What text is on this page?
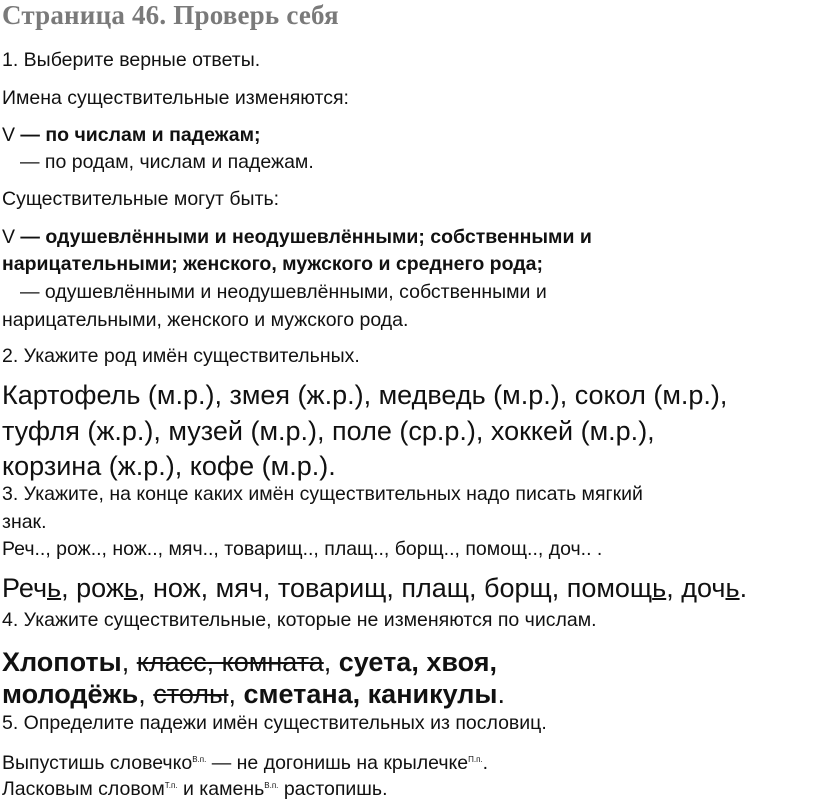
Страница 46. Проверь себя
1. Выберите верные ответы.
Имена существительные изменяются:
V — по числам и падежам;
— по родам, числам и падежам.
Существительные могут быть:
V — одушевлёнными и неодушевлёнными; собственными и
нарицательными; женского, мужского и среднего рода;
— одушевлёнными и неодушевлёнными, собственными и
нарицательными, женского и мужского рода.
2. Укажите род имён существительных.
Картофель (м.р.), змея (ж.р.), медведь (м.р.), сокол (м.р.),
туфля (ж.р.), музей (м.р.), поле (ср.р.), хоккей (м.р.),
корзина (ж.р.), кофе (м.р.).
3. Укажите, на конце каких имён существительных надо писать мягкий
знак.
Реч.., рож.., нож.., мяч.., товарищ.., плащ.., борщ.., помощ.., доч.. .
Речь, рожь, нож, мяч, товарищ, плащ, борщ, помощь, дочь.
4. Укажите существительные, которые не изменяются по числам.
Хлопоты, класс, комната, суета, хвоя,
молодёжь, столы, сметана, каникулы.
5. Определите падежи имён существительных из пословиц.
Выпустишь словечко$^{В.п.}$ — не догонишь на крылечке$^{П.п.}$.
Ласковым словом$^{Т.п.}$ и камень$^{В.п.}$ растопишь.
